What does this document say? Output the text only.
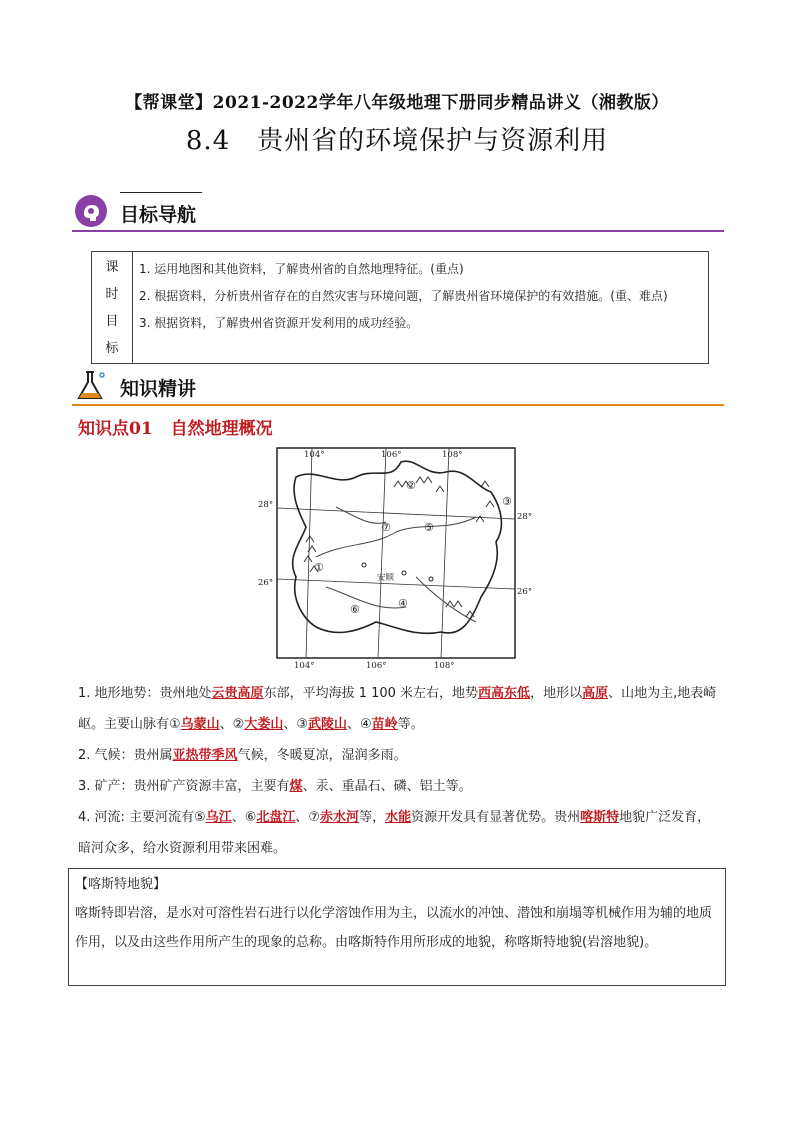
【帮课堂】2021-2022学年八年级地理下册同步精品讲义（湘教版）
8.4　贵州省的环境保护与资源利用
目标导航
课
时
目
标

1. 运用地图和其他资料，了解贵州省的自然地理特征。(重点)
2. 根据资料，分析贵州省存在的自然灾害与环境问题，了解贵州省环境保护的有效措施。(重、难点)
3. 根据资料，了解贵州省资源开发利用的成功经验。
知识精讲
知识点01 自然地理概况
104°	106°	108°
104°	106°	108°
28°
26°
28°
26°
安顺
①
②
③
④
⑤
⑥
⑦
1. 地形地势：贵州地处云贵高原东部，平均海拔 1 100 米左右，地势西高东低，地形以高原、山地为主,地表崎岖。主要山脉有①乌蒙山、②大娄山、③武陵山、④苗岭等。
2. 气候：贵州属亚热带季风气候，冬暖夏凉，湿润多雨。
3. 矿产：贵州矿产资源丰富，主要有煤、汞、重晶石、磷、铝土等。
4. 河流: 主要河流有⑤乌江、⑥北盘江、⑦赤水河等，水能资源开发具有显著优势。贵州喀斯特地貌广泛发育，暗河众多，给水资源利用带来困难。
【喀斯特地貌】
喀斯特即岩溶，是水对可溶性岩石进行以化学溶蚀作用为主，以流水的冲蚀、潜蚀和崩塌等机械作用为辅的地质作用，以及由这些作用所产生的现象的总称。由喀斯特作用所形成的地貌，称喀斯特地貌(岩溶地貌)。
